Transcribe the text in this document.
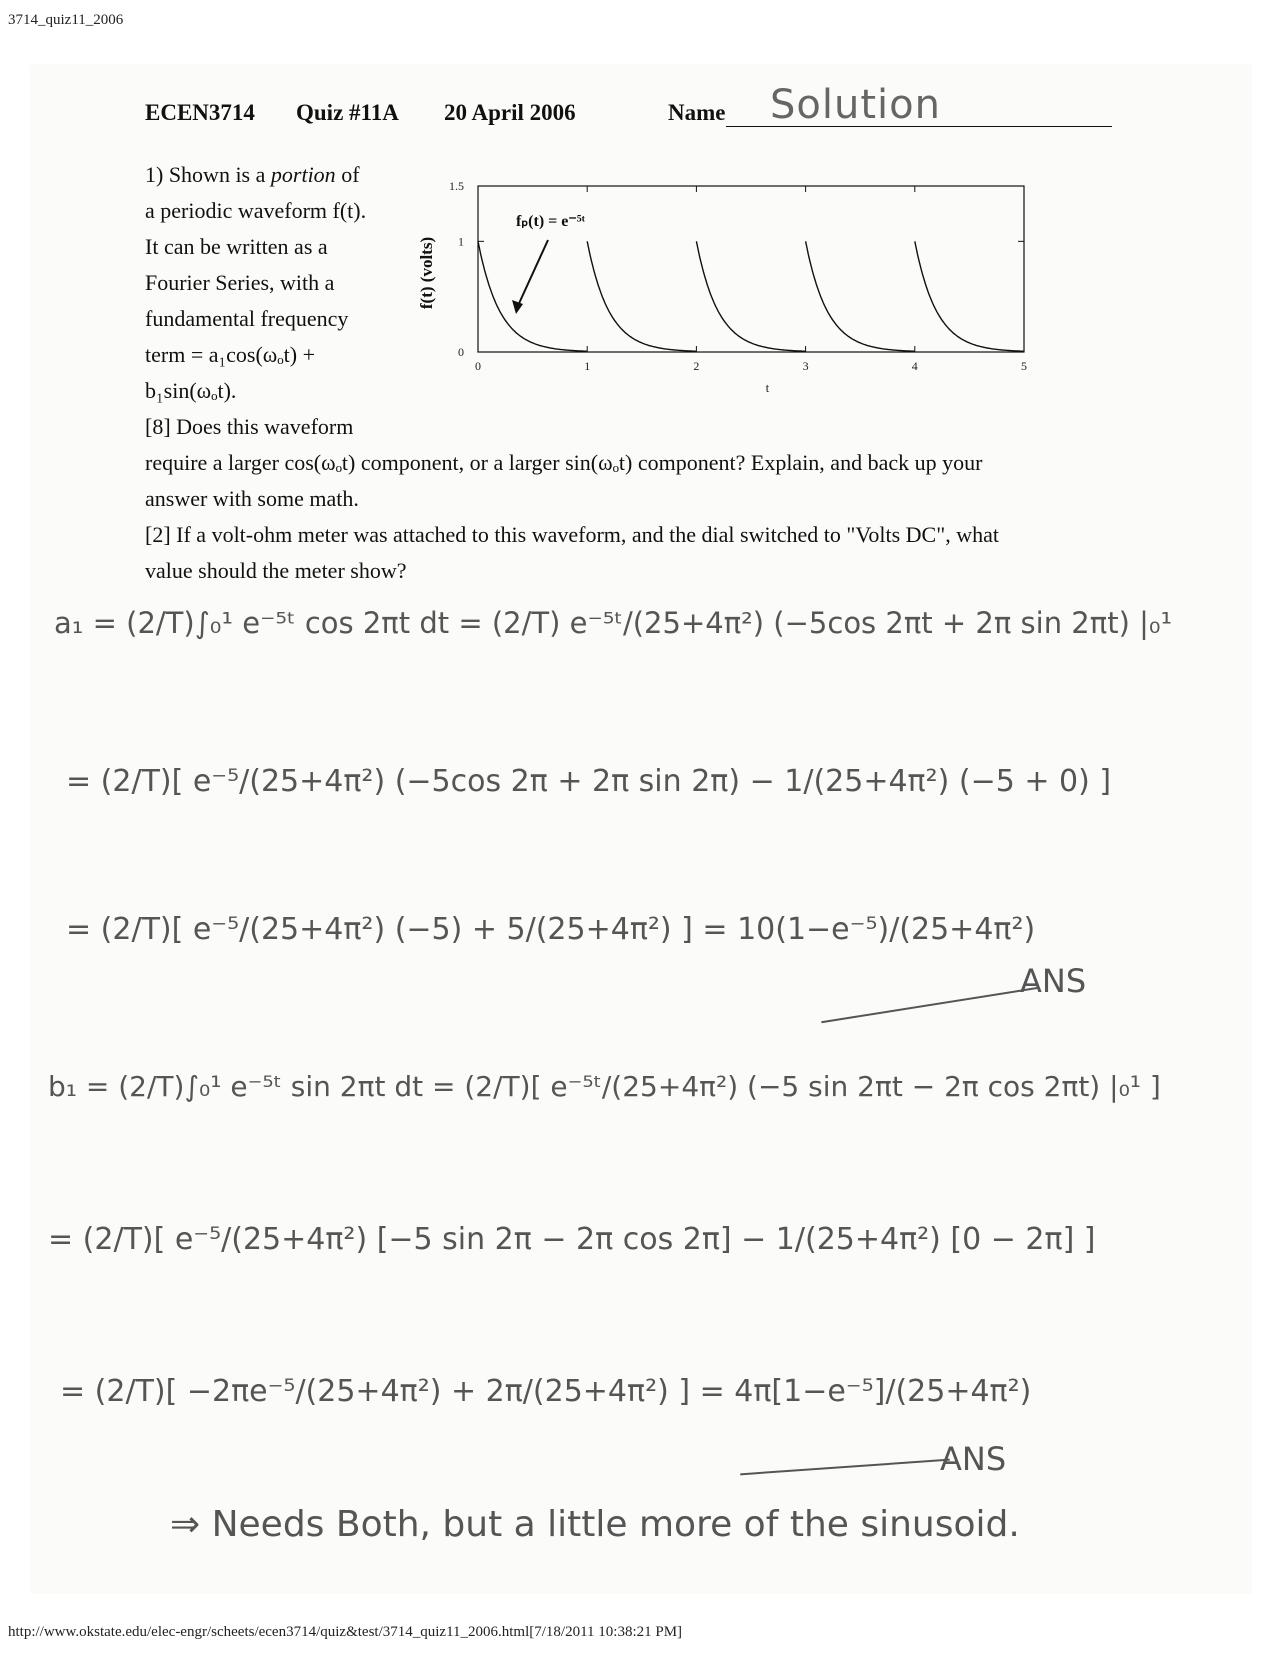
3714_quiz11_2006
ECEN3714 Quiz #11A 20 April 2006	Name Solution
1) Shown is a portion of
a periodic waveform f(t).
It can be written as a
Fourier Series, with a
fundamental frequency
term = a₁cos(ωₒt) +
b₁sin(ωₒt).
[8] Does this waveform
require a larger cos(ωₒt) component, or a larger sin(ωₒt) component? Explain, and back up your
answer with some math.
[2] If a volt-ohm meter was attached to this waveform, and the dial switched to "Volts DC", what
value should the meter show?
0	1	2	3	4	5
0
1
1.5
fₚ(t) = e⁻⁵ᵗ
f(t) (volts)
t
a₁ = (2/T)∫₀¹ e⁻⁵ᵗ cos 2πt dt = (2/T) e⁻⁵ᵗ/(25+4π²) (−5cos 2πt + 2π sin 2πt) |₀¹
= (2/T)[ e⁻⁵/(25+4π²) (−5cos 2π + 2π sin 2π) − 1/(25+4π²) (−5 + 0) ]
= (2/T)[ e⁻⁵/(25+4π²) (−5) + 5/(25+4π²) ] = 10(1−e⁻⁵)/(25+4π²)
ANS
b₁ = (2/T)∫₀¹ e⁻⁵ᵗ sin 2πt dt = (2/T)[ e⁻⁵ᵗ/(25+4π²) (−5 sin 2πt − 2π cos 2πt) |₀¹ ]
= (2/T)[ e⁻⁵/(25+4π²) [−5 sin 2π − 2π cos 2π] − 1/(25+4π²) [0 − 2π] ]
= (2/T)[ −2πe⁻⁵/(25+4π²) + 2π/(25+4π²) ] = 4π[1−e⁻⁵]/(25+4π²)
ANS
⇒ Needs Both, but a little more of the sinusoid.
http://www.okstate.edu/elec-engr/scheets/ecen3714/quiz&test/3714_quiz11_2006.html[7/18/2011 10:38:21 PM]
